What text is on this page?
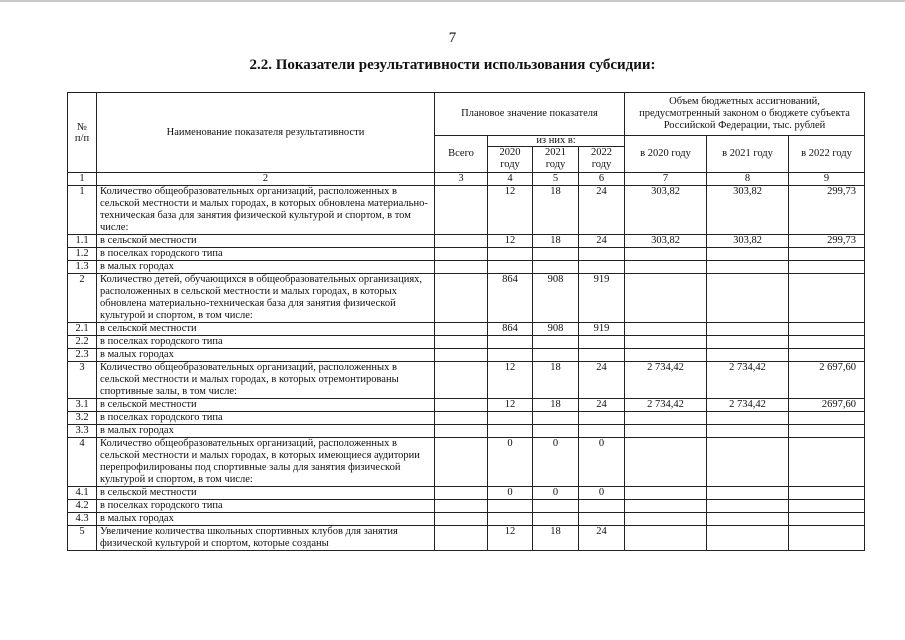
7
2.2. Показатели результативности использования субсидии:
№
п/п	Наименование показателя результативности	Плановое значение показателя				Объем бюджетных ассигнований, предусмотренный законом о бюджете субъекта Российской Федерации, тыс. рублей		
		Всего	из них в:			в 2020 году	в 2021 году	в 2022 году
			2020 году	2021 году	2022 году			
1	2	3	4	5	6	7	8	9
1	Количество общеобразовательных организаций, расположенных в сельской местности и малых городах, в которых обновлена материально-техническая база для занятия физической культурой и спортом, в том числе:		12	18	24	303,82	303,82	299,73
1.1	в сельской местности		12	18	24	303,82	303,82	299,73
1.2	в поселках городского типа							
1.3	в малых городах							
2	Количество детей, обучающихся в общеобразовательных организациях, расположенных в сельской местности и малых городах, в которых обновлена материально-техническая база для занятия физической культурой и спортом, в том числе:		864	908	919			
2.1	в сельской местности		864	908	919			
2.2	в поселках городского типа							
2.3	в малых городах							
3	Количество общеобразовательных организаций, расположенных в сельской местности и малых городах, в которых отремонтированы спортивные залы, в том числе:		12	18	24	2 734,42	2 734,42	2 697,60
3.1	в сельской местности		12	18	24	2 734,42	2 734,42	2697,60
3.2	в поселках городского типа							
3.3	в малых городах							
4	Количество общеобразовательных организаций, расположенных в сельской местности и малых городах, в которых имеющиеся аудитории перепрофилированы под спортивные залы для занятия физической культурой и спортом, в том числе:		0	0	0			
4.1	в сельской местности		0	0	0			
4.2	в поселках городского типа							
4.3	в малых городах							
5	Увеличение количества школьных спортивных клубов для занятия физической культурой и спортом, которые созданы		12	18	24			
